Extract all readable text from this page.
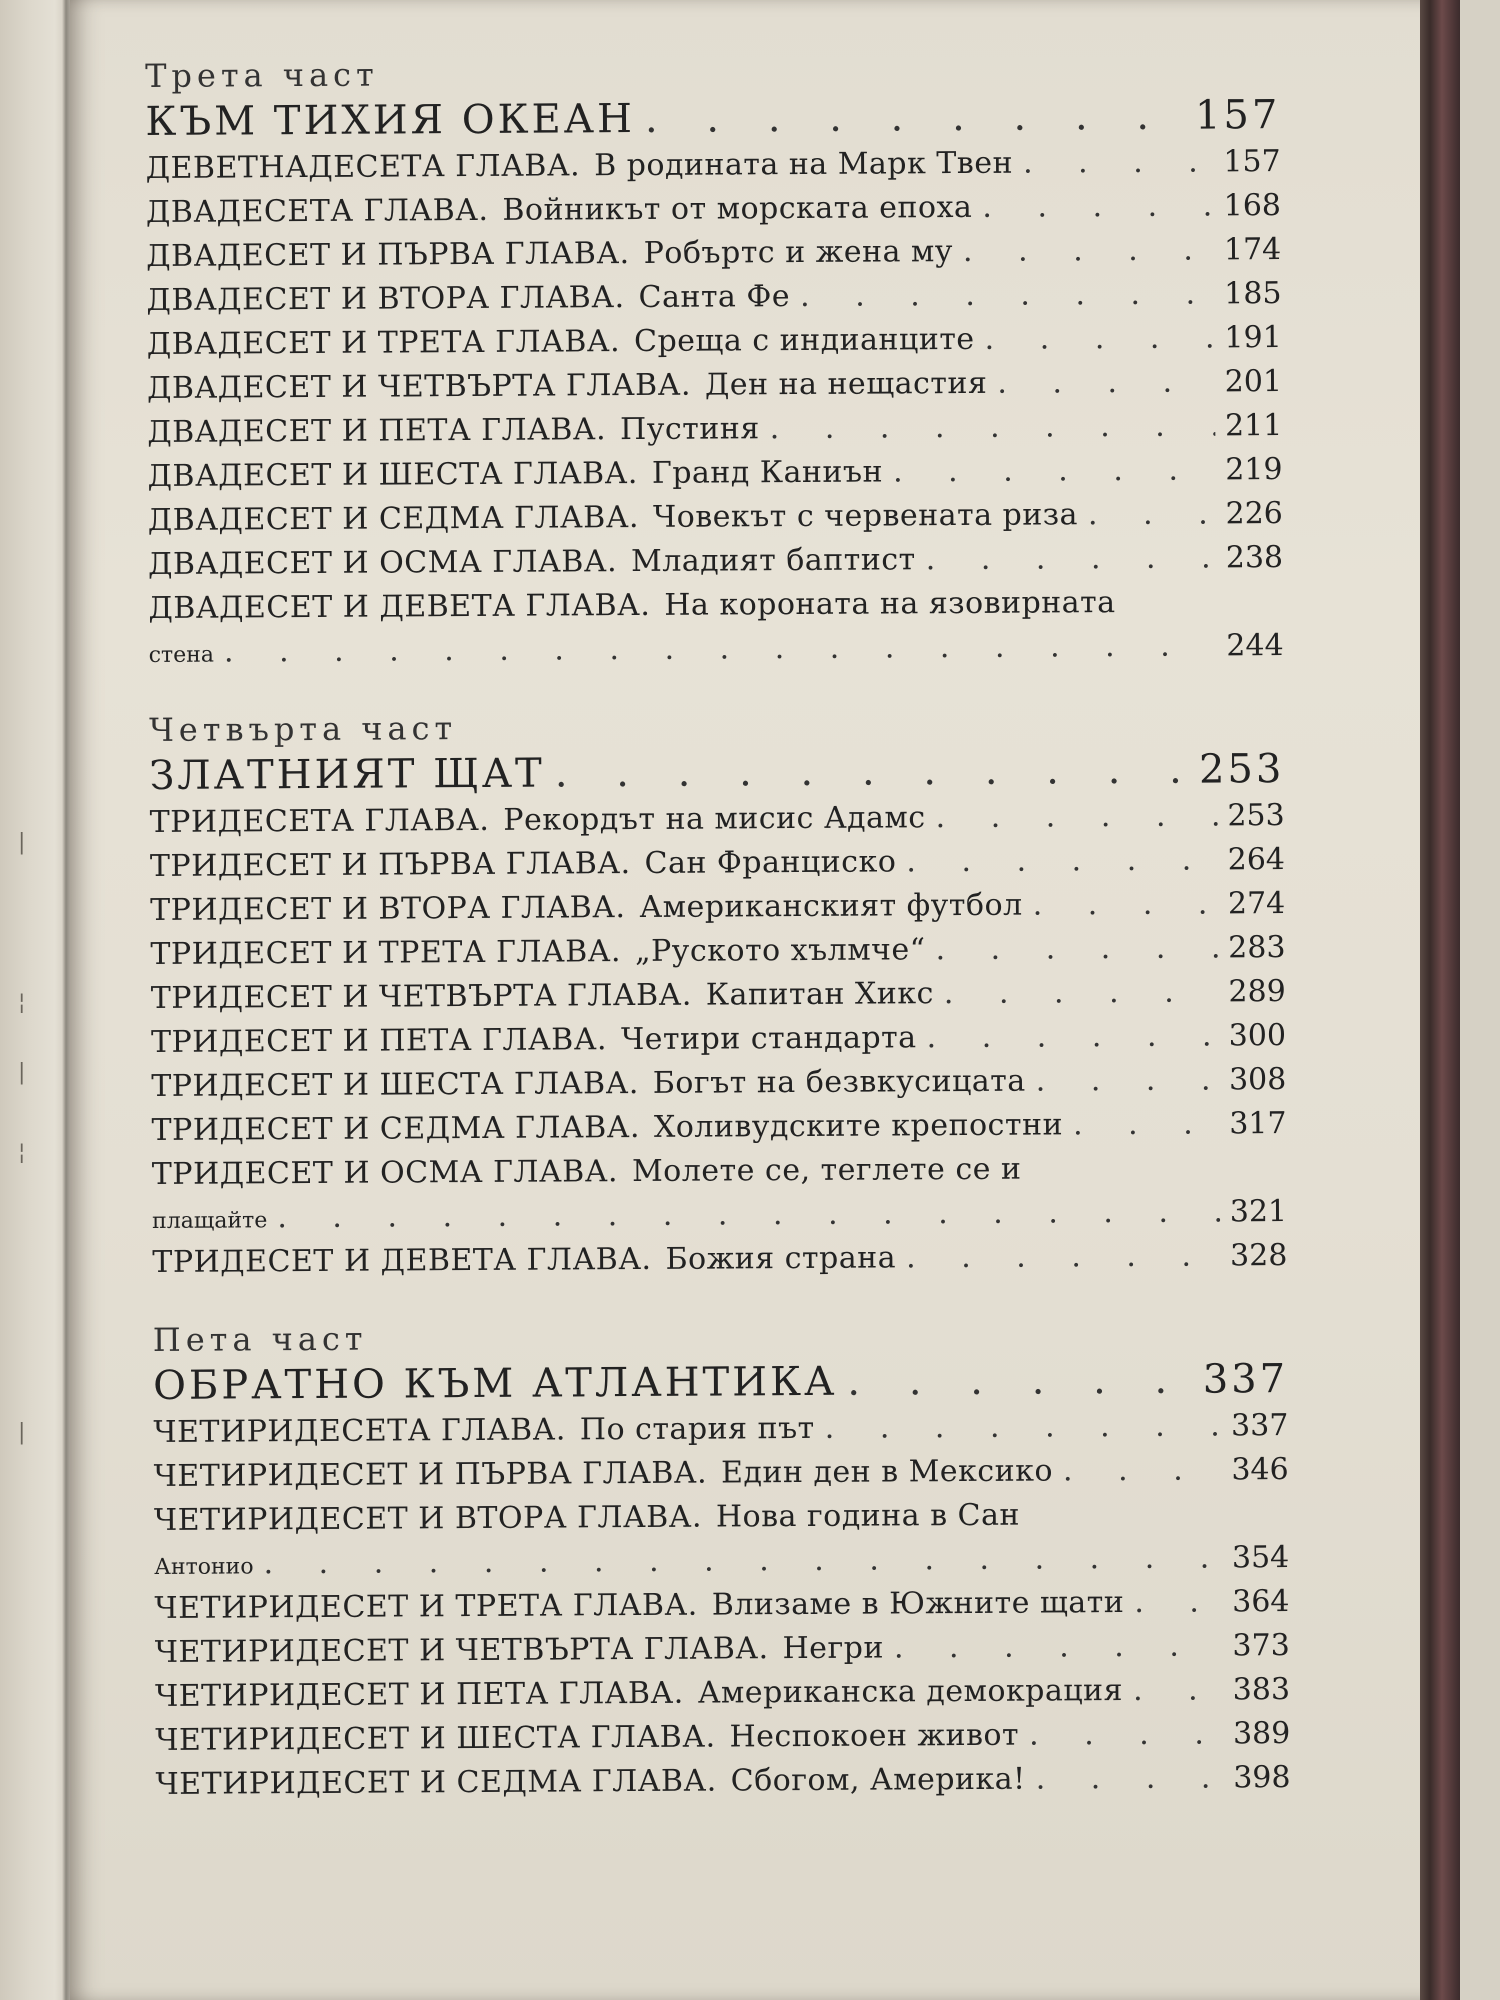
|
¦
|
¦
|
Трета част
КЪМ ТИХИЯ ОКЕАН . . .	157
ДЕВЕТНАДЕСЕТА ГЛАВА. В родината на Марк Твен . . .	157
ДВАДЕСЕТА ГЛАВА. Войникът от морската епоха . . .	168
ДВАДЕСЕТ И ПЪРВА ГЛАВА. Робъртс и жена му . . .	174
ДВАДЕСЕТ И ВТОРА ГЛАВА. Санта Фе . . .	185
ДВАДЕСЕТ И ТРЕТА ГЛАВА. Среща с индианците . . .	191
ДВАДЕСЕТ И ЧЕТВЪРТА ГЛАВА. Ден на нещастия . . .	201
ДВАДЕСЕТ И ПЕТА ГЛАВА. Пустиня . . .	211
ДВАДЕСЕТ И ШЕСТА ГЛАВА. Гранд Каниън . . .	219
ДВАДЕСЕТ И СЕДМА ГЛАВА. Човекът с червената риза . . .	226
ДВАДЕСЕТ И ОСМА ГЛАВА. Младият баптист . . .	238
ДВАДЕСЕТ И ДЕВЕТА ГЛАВА. На короната на язовирната
стена . . .	244
Четвърта част
ЗЛАТНИЯТ ЩАТ . . .	253
ТРИДЕСЕТА ГЛАВА. Рекордът на мисис Адамс . . .	253
ТРИДЕСЕТ И ПЪРВА ГЛАВА. Сан Франциско . . .	264
ТРИДЕСЕТ И ВТОРА ГЛАВА. Американският футбол . . .	274
ТРИДЕСЕТ И ТРЕТА ГЛАВА. „Руското хълмче“ . . .	283
ТРИДЕСЕТ И ЧЕТВЪРТА ГЛАВА. Капитан Хикс . . .	289
ТРИДЕСЕТ И ПЕТА ГЛАВА. Четири стандарта . . .	300
ТРИДЕСЕТ И ШЕСТА ГЛАВА. Богът на безвкусицата . . .	308
ТРИДЕСЕТ И СЕДМА ГЛАВА. Холивудските крепостни . . .	317
ТРИДЕСЕТ И ОСМА ГЛАВА. Молете се, теглете се и
плащайте . . .	321
ТРИДЕСЕТ И ДЕВЕТА ГЛАВА. Божия страна . . .	328
Пета част
ОБРАТНО КЪМ АТЛАНТИКА . . .	337
ЧЕТИРИДЕСЕТА ГЛАВА. По стария път . . .	337
ЧЕТИРИДЕСЕТ И ПЪРВА ГЛАВА. Един ден в Мексико . . .	346
ЧЕТИРИДЕСЕТ И ВТОРА ГЛАВА. Нова година в Сан
Антонио . . .	354
ЧЕТИРИДЕСЕТ И ТРЕТА ГЛАВА. Влизаме в Южните щати . . .	364
ЧЕТИРИДЕСЕТ И ЧЕТВЪРТА ГЛАВА. Негри . . .	373
ЧЕТИРИДЕСЕТ И ПЕТА ГЛАВА. Американска демокрация . . .	383
ЧЕТИРИДЕСЕТ И ШЕСТА ГЛАВА. Неспокоен живот . . .	389
ЧЕТИРИДЕСЕТ И СЕДМА ГЛАВА. Сбогом, Америка! . . .	398
